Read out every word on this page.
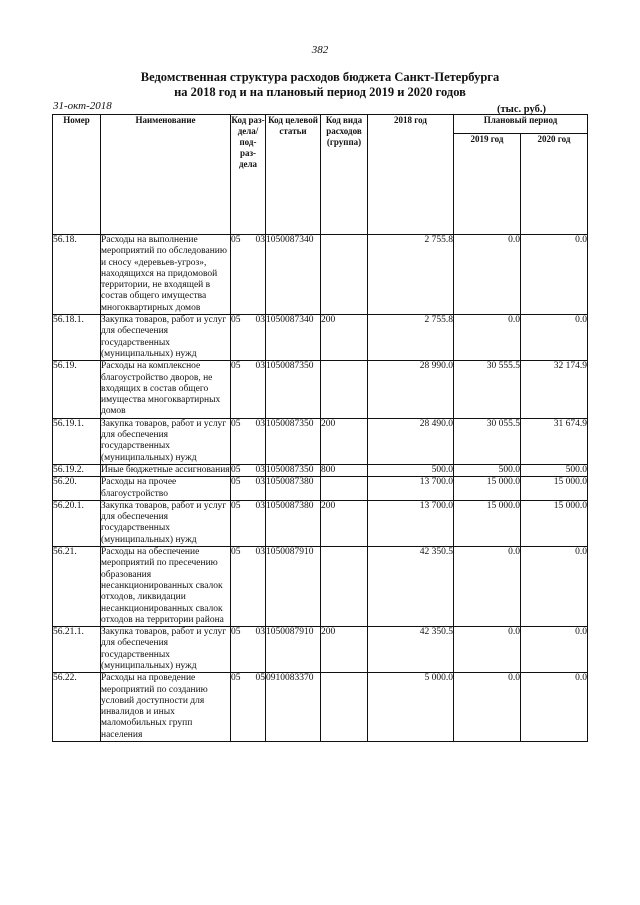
382
Ведомственная структура расходов бюджета Санкт-Петербурга
на 2018 год и на плановый период 2019 и 2020 годов
31-окт-2018	(тыс. руб.)
Номер	Наименование	Код раз- дела/ под- раз- дела	Код целевой статьи	Код вида расходов (группа)	2018 год	Плановый период	
						2019 год	2020 год
56.18.	Расходы на выполнение мероприятий по обследованию и сносу «деревьев-угроз», находящихся на придомовой территории, не входящей в состав общего имущества многоквартирных домов	05 03	1050087340		2 755.8	0.0	0.0
56.18.1.	Закупка товаров, работ и услуг для обеспечения государственных (муниципальных) нужд	05 03	1050087340	200	2 755.8	0.0	0.0
56.19.	Расходы на комплексное благоустройство дворов, не входящих в состав общего имущества многоквартирных домов	05 03	1050087350		28 990.0	30 555.5	32 174.9
56.19.1.	Закупка товаров, работ и услуг для обеспечения государственных (муниципальных) нужд	05 03	1050087350	200	28 490.0	30 055.5	31 674.9
56.19.2.	Иные бюджетные ассигнования	05 03	1050087350	800	500.0	500.0	500.0
56.20.	Расходы на прочее благоустройство	05 03	1050087380		13 700.0	15 000.0	15 000.0
56.20.1.	Закупка товаров, работ и услуг для обеспечения государственных (муниципальных) нужд	05 03	1050087380	200	13 700.0	15 000.0	15 000.0
56.21.	Расходы на обеспечение мероприятий по пресечению образования несанкционированных свалок отходов, ликвидации несанкционированных свалок отходов на территории района	05 03	1050087910		42 350.5	0.0	0.0
56.21.1.	Закупка товаров, работ и услуг для обеспечения государственных (муниципальных) нужд	05 03	1050087910	200	42 350.5	0.0	0.0
56.22.	Расходы на проведение мероприятий по созданию условий доступности для инвалидов и иных маломобильных групп населения	05 05	0910083370		5 000.0	0.0	0.0
